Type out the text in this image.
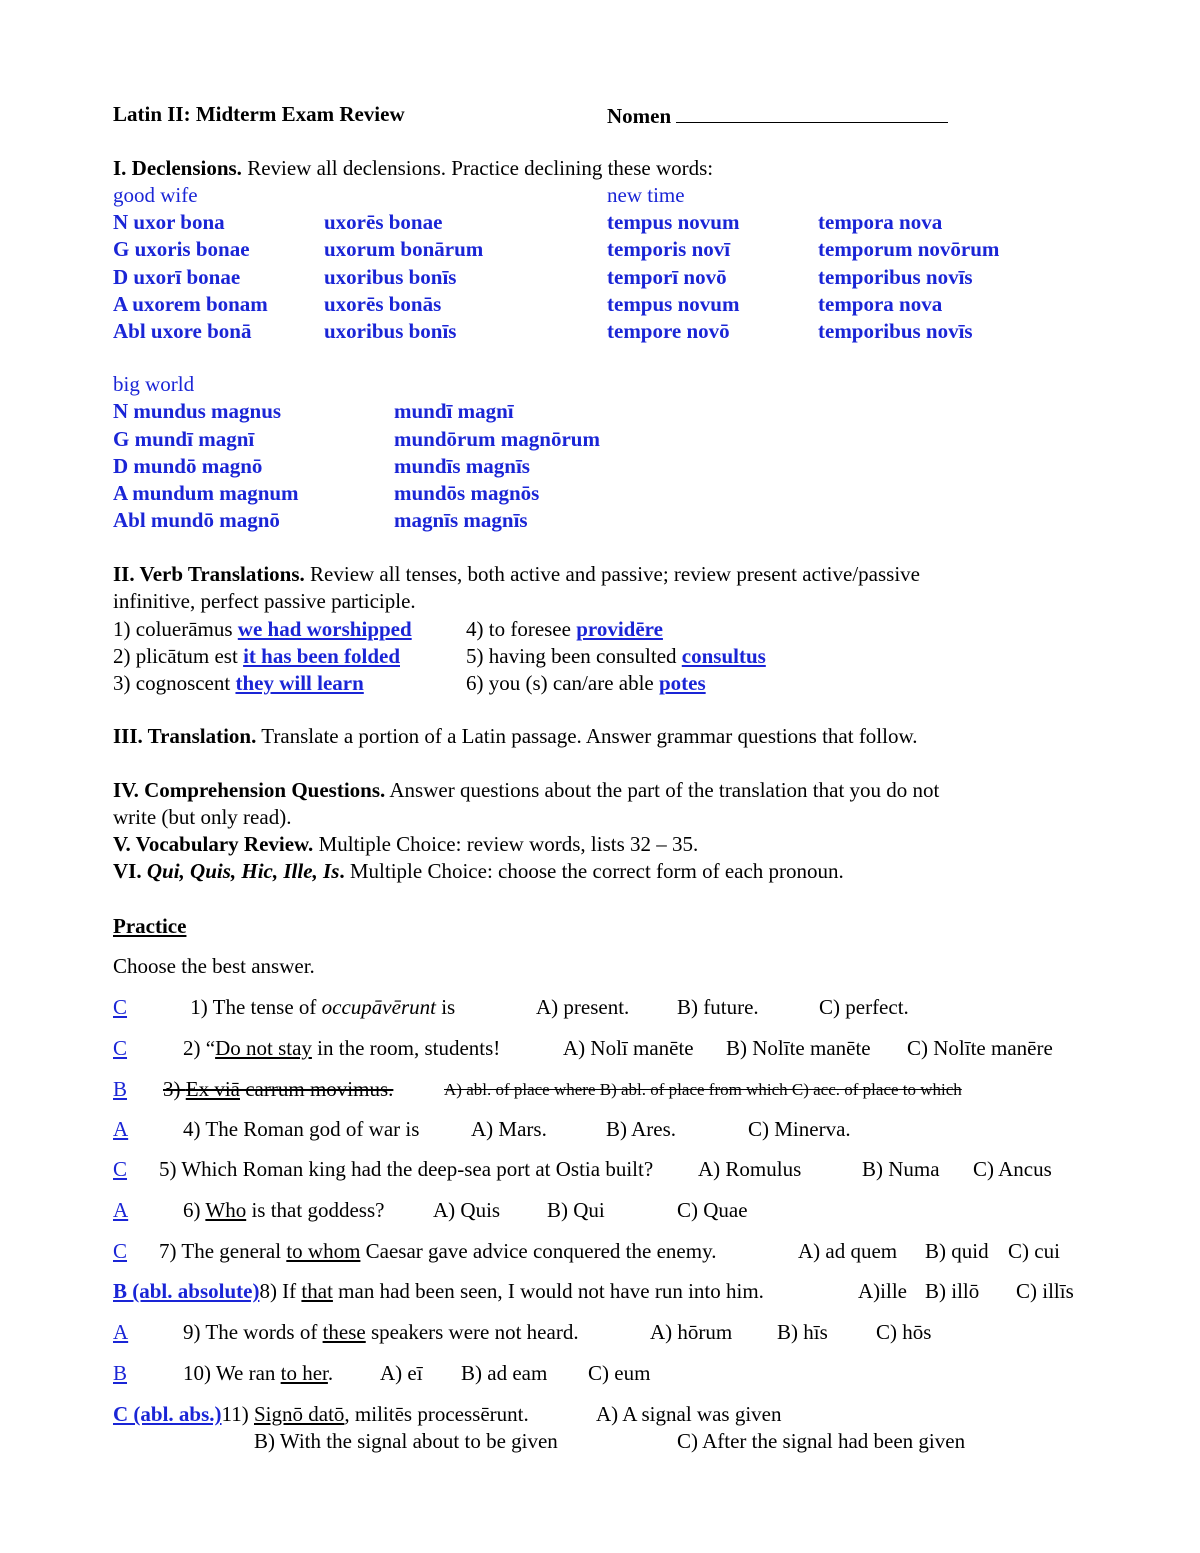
Latin II: Midterm Exam Review	Nomen
I. Declensions. Review all declensions. Practice declining these words:
good wife	new time
N uxor bona	uxorēs bonae	tempus novum	tempora nova
G uxoris bonae	uxorum bonārum	temporis novī	temporum novōrum
D uxorī bonae	uxoribus bonīs	temporī novō	temporibus novīs
A uxorem bonam	uxorēs bonās	tempus novum	tempora nova
Abl uxore bonā	uxoribus bonīs	tempore novō	temporibus novīs
big world
N mundus magnus	mundī magnī
G mundī magnī	mundōrum magnōrum
D mundō magnō	mundīs magnīs
A mundum magnum	mundōs magnōs
Abl mundō magnō	magnīs magnīs
II. Verb Translations. Review all tenses, both active and passive; review present active/passive
infinitive, perfect passive participle.
1) coluerāmus we had worshipped	4) to foresee providēre
2) plicātum est it has been folded	5) having been consulted consultus
3) cognoscent they will learn	6) you (s) can/are able potes
III. Translation. Translate a portion of a Latin passage. Answer grammar questions that follow.
IV. Comprehension Questions. Answer questions about the part of the translation that you do not
write (but only read).
V. Vocabulary Review. Multiple Choice: review words, lists 32 – 35.
VI. Qui, Quis, Hic, Ille, Is. Multiple Choice: choose the correct form of each pronoun.
Practice
Choose the best answer.
C	1) The tense of occupāvērunt is	A) present. B) future.	C) perfect.
C	2) “Do not stay in the room, students!	A) Nolī manēte B) Nolīte manēte C) Nolīte manēre
B 3) Ex viā carrum movimus.	A) abl. of place where B) abl. of place from which C) acc. of place to which
A	4) The Roman god of war is A) Mars.	B) Ares.	C) Minerva.
C 5) Which Roman king had the deep-sea port at Ostia built? A) Romulus	B) Numa C) Ancus
A	6) Who is that goddess? A) Quis B) Qui	C) Quae
C 7) The general to whom Caesar gave advice conquered the enemy.	A) ad quem B) quid C) cui
B (abl. absolute)8) If that man had been seen, I would not have run into him.	A)ille B) illō C) illīs
A	9) The words of these speakers were not heard.	A) hōrum B) hīs C) hōs
B	10) We ran to her. A) eī B) ad eam C) eum
C (abl. abs.)11) Signō datō, militēs processērunt.	A) A signal was given
B) With the signal about to be given	C) After the signal had been given
